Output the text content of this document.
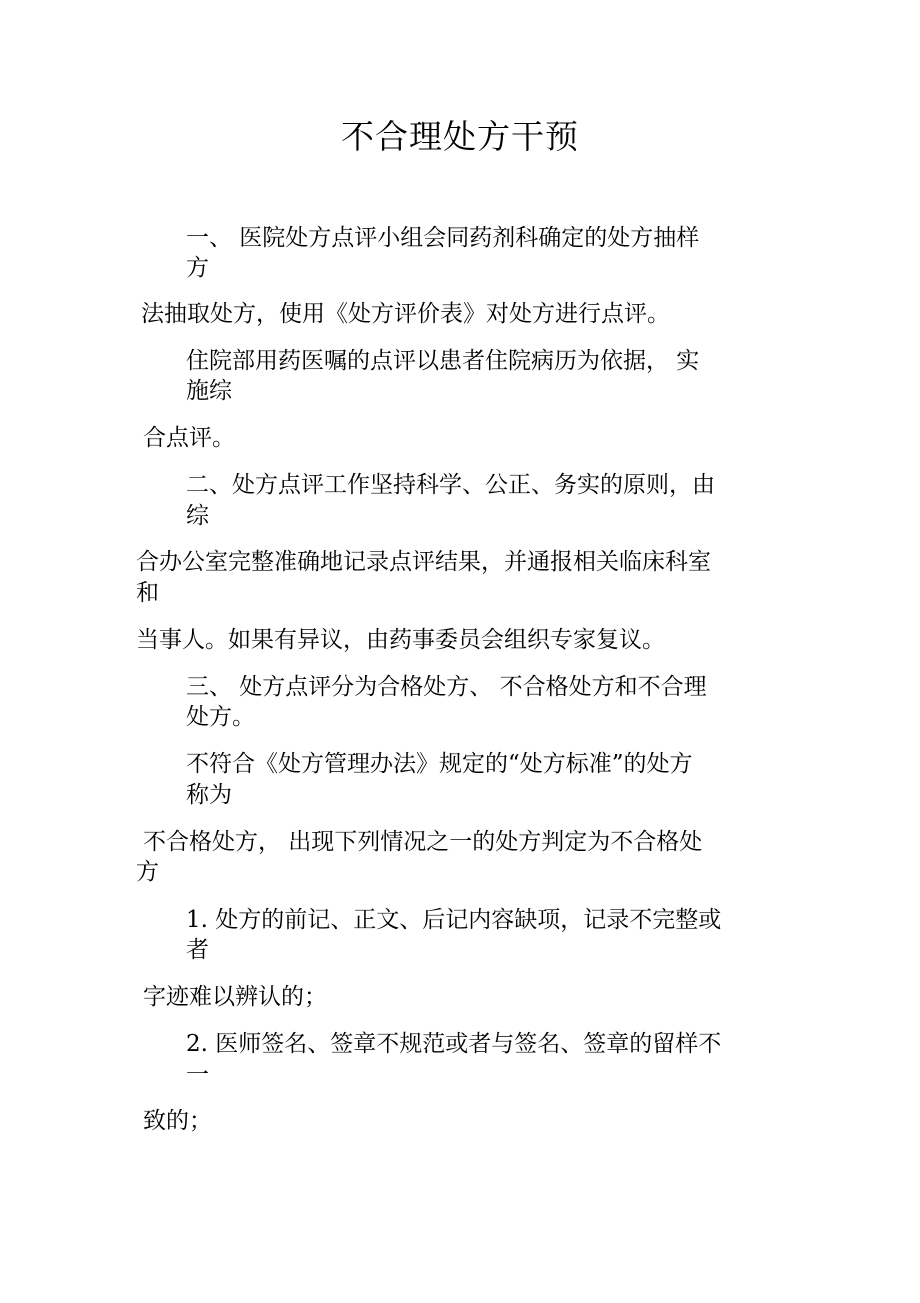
不合理处方干预

一、 医院处方点评小组会同药剂科确定的处方抽样

方

法抽取处方，使用《处方评价表》对处方进行点评。

住院部用药医嘱的点评以患者住院病历为依据， 实

施综

合点评。

二、处方点评工作坚持科学、公正、务实的原则，由

综

合办公室完整准确地记录点评结果，并通报相关临床科室

和

当事人。如果有异议，由药事委员会组织专家复议。

三、 处方点评分为合格处方、 不合格处方和不合理

处方。

不符合《处方管理办法》规定的“处方标准”的处方

称为

不合格处方， 出现下列情况之一的处方判定为不合格处

方

1. 处方的前记、正文、后记内容缺项，记录不完整或

者

字迹难以辨认的；

2. 医师签名、签章不规范或者与签名、签章的留样不

一

致的；
